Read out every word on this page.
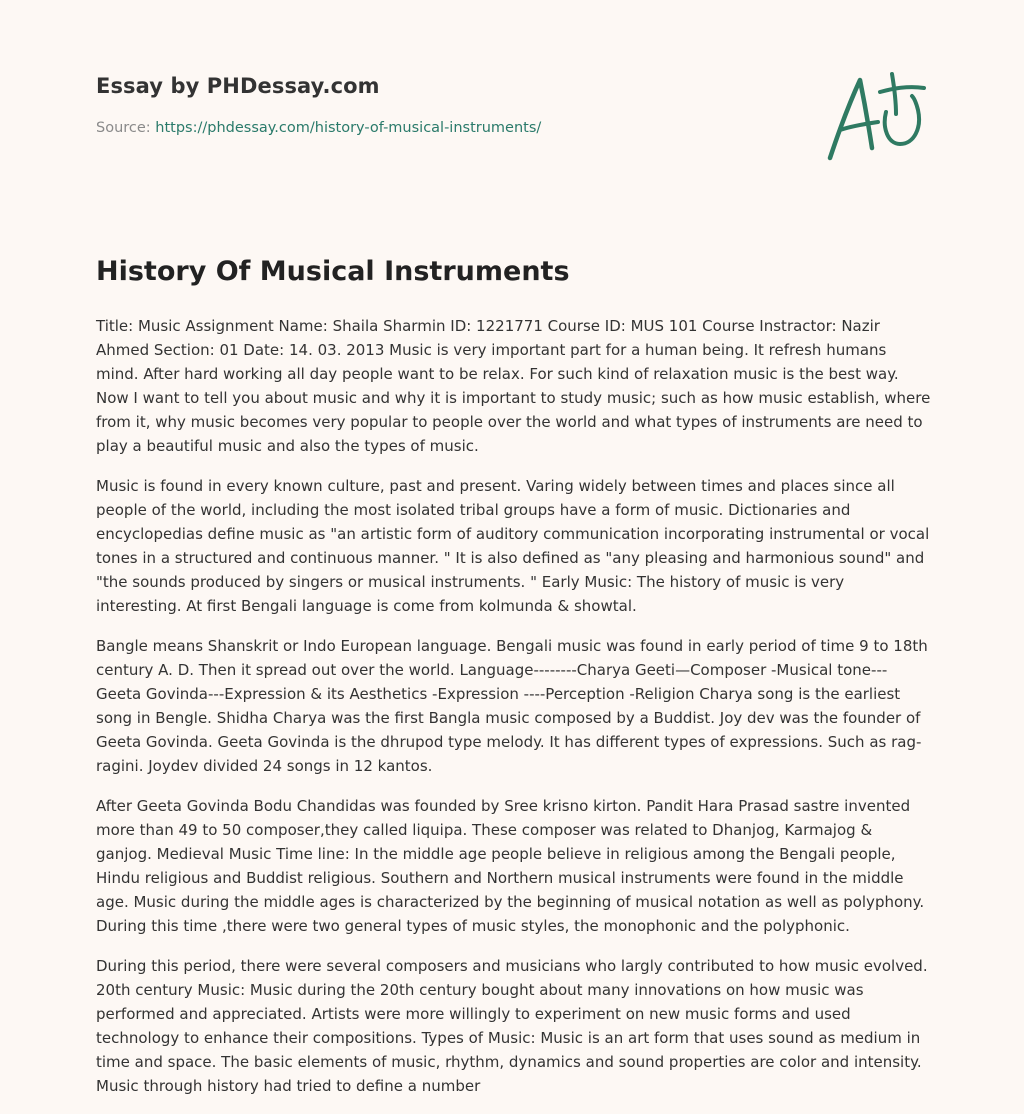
Essay by PHDessay.com
Source: https://phdessay.com/history-of-musical-instruments/
History Of Musical Instruments

Title: Music Assignment Name: Shaila Sharmin ID: 1221771 Course ID: MUS 101 Course Instractor: Nazir Ahmed Section: 01 Date: 14. 03. 2013 Music is very important part for a human being. It refresh humans mind. After hard working all day people want to be relax. For such kind of relaxation music is the best way. Now I want to tell you about music and why it is important to study music; such as how music establish, where from it, why music becomes very popular to people over the world and what types of instruments are need to play a beautiful music and also the types of music.

Music is found in every known culture, past and present. Varing widely between times and places since all people of the world, including the most isolated tribal groups have a form of music. Dictionaries and encyclopedias define music as "an artistic form of auditory communication incorporating instrumental or vocal tones in a structured and continuous manner. " It is also defined as "any pleasing and harmonious sound" and "the sounds produced by singers or musical instruments. " Early Music: The history of music is very interesting. At first Bengali language is come from kolmunda & showtal.

Bangle means Shanskrit or Indo European language. Bengali music was found in early period of time 9 to 18th century A. D. Then it spread out over the world. Language--------Charya Geeti—Composer -Musical tone---Geeta Govinda---Expression & its Aesthetics -Expression ----Perception -Religion Charya song is the earliest song in Bengle. Shidha Charya was the first Bangla music composed by a Buddist. Joy dev was the founder of Geeta Govinda. Geeta Govinda is the dhrupod type melody. It has different types of expressions. Such as rag-ragini. Joydev divided 24 songs in 12 kantos.

After Geeta Govinda Bodu Chandidas was founded by Sree krisno kirton. Pandit Hara Prasad sastre invented more than 49 to 50 composer,they called liquipa. These composer was related to Dhanjog, Karmajog & ganjog. Medieval Music Time line: In the middle age people believe in religious among the Bengali people, Hindu religious and Buddist religious. Southern and Northern musical instruments were found in the middle age. Music during the middle ages is characterized by the beginning of musical notation as well as polyphony. During this time ,there were two general types of music styles, the monophonic and the polyphonic.

During this period, there were several composers and musicians who largly contributed to how music evolved. 20th century Music: Music during the 20th century bought about many innovations on how music was performed and appreciated. Artists were more willingly to experiment on new music forms and used technology to enhance their compositions. Types of Music: Music is an art form that uses sound as medium in time and space. The basic elements of music, rhythm, dynamics and sound properties are color and intensity. Music through history had tried to define a number
